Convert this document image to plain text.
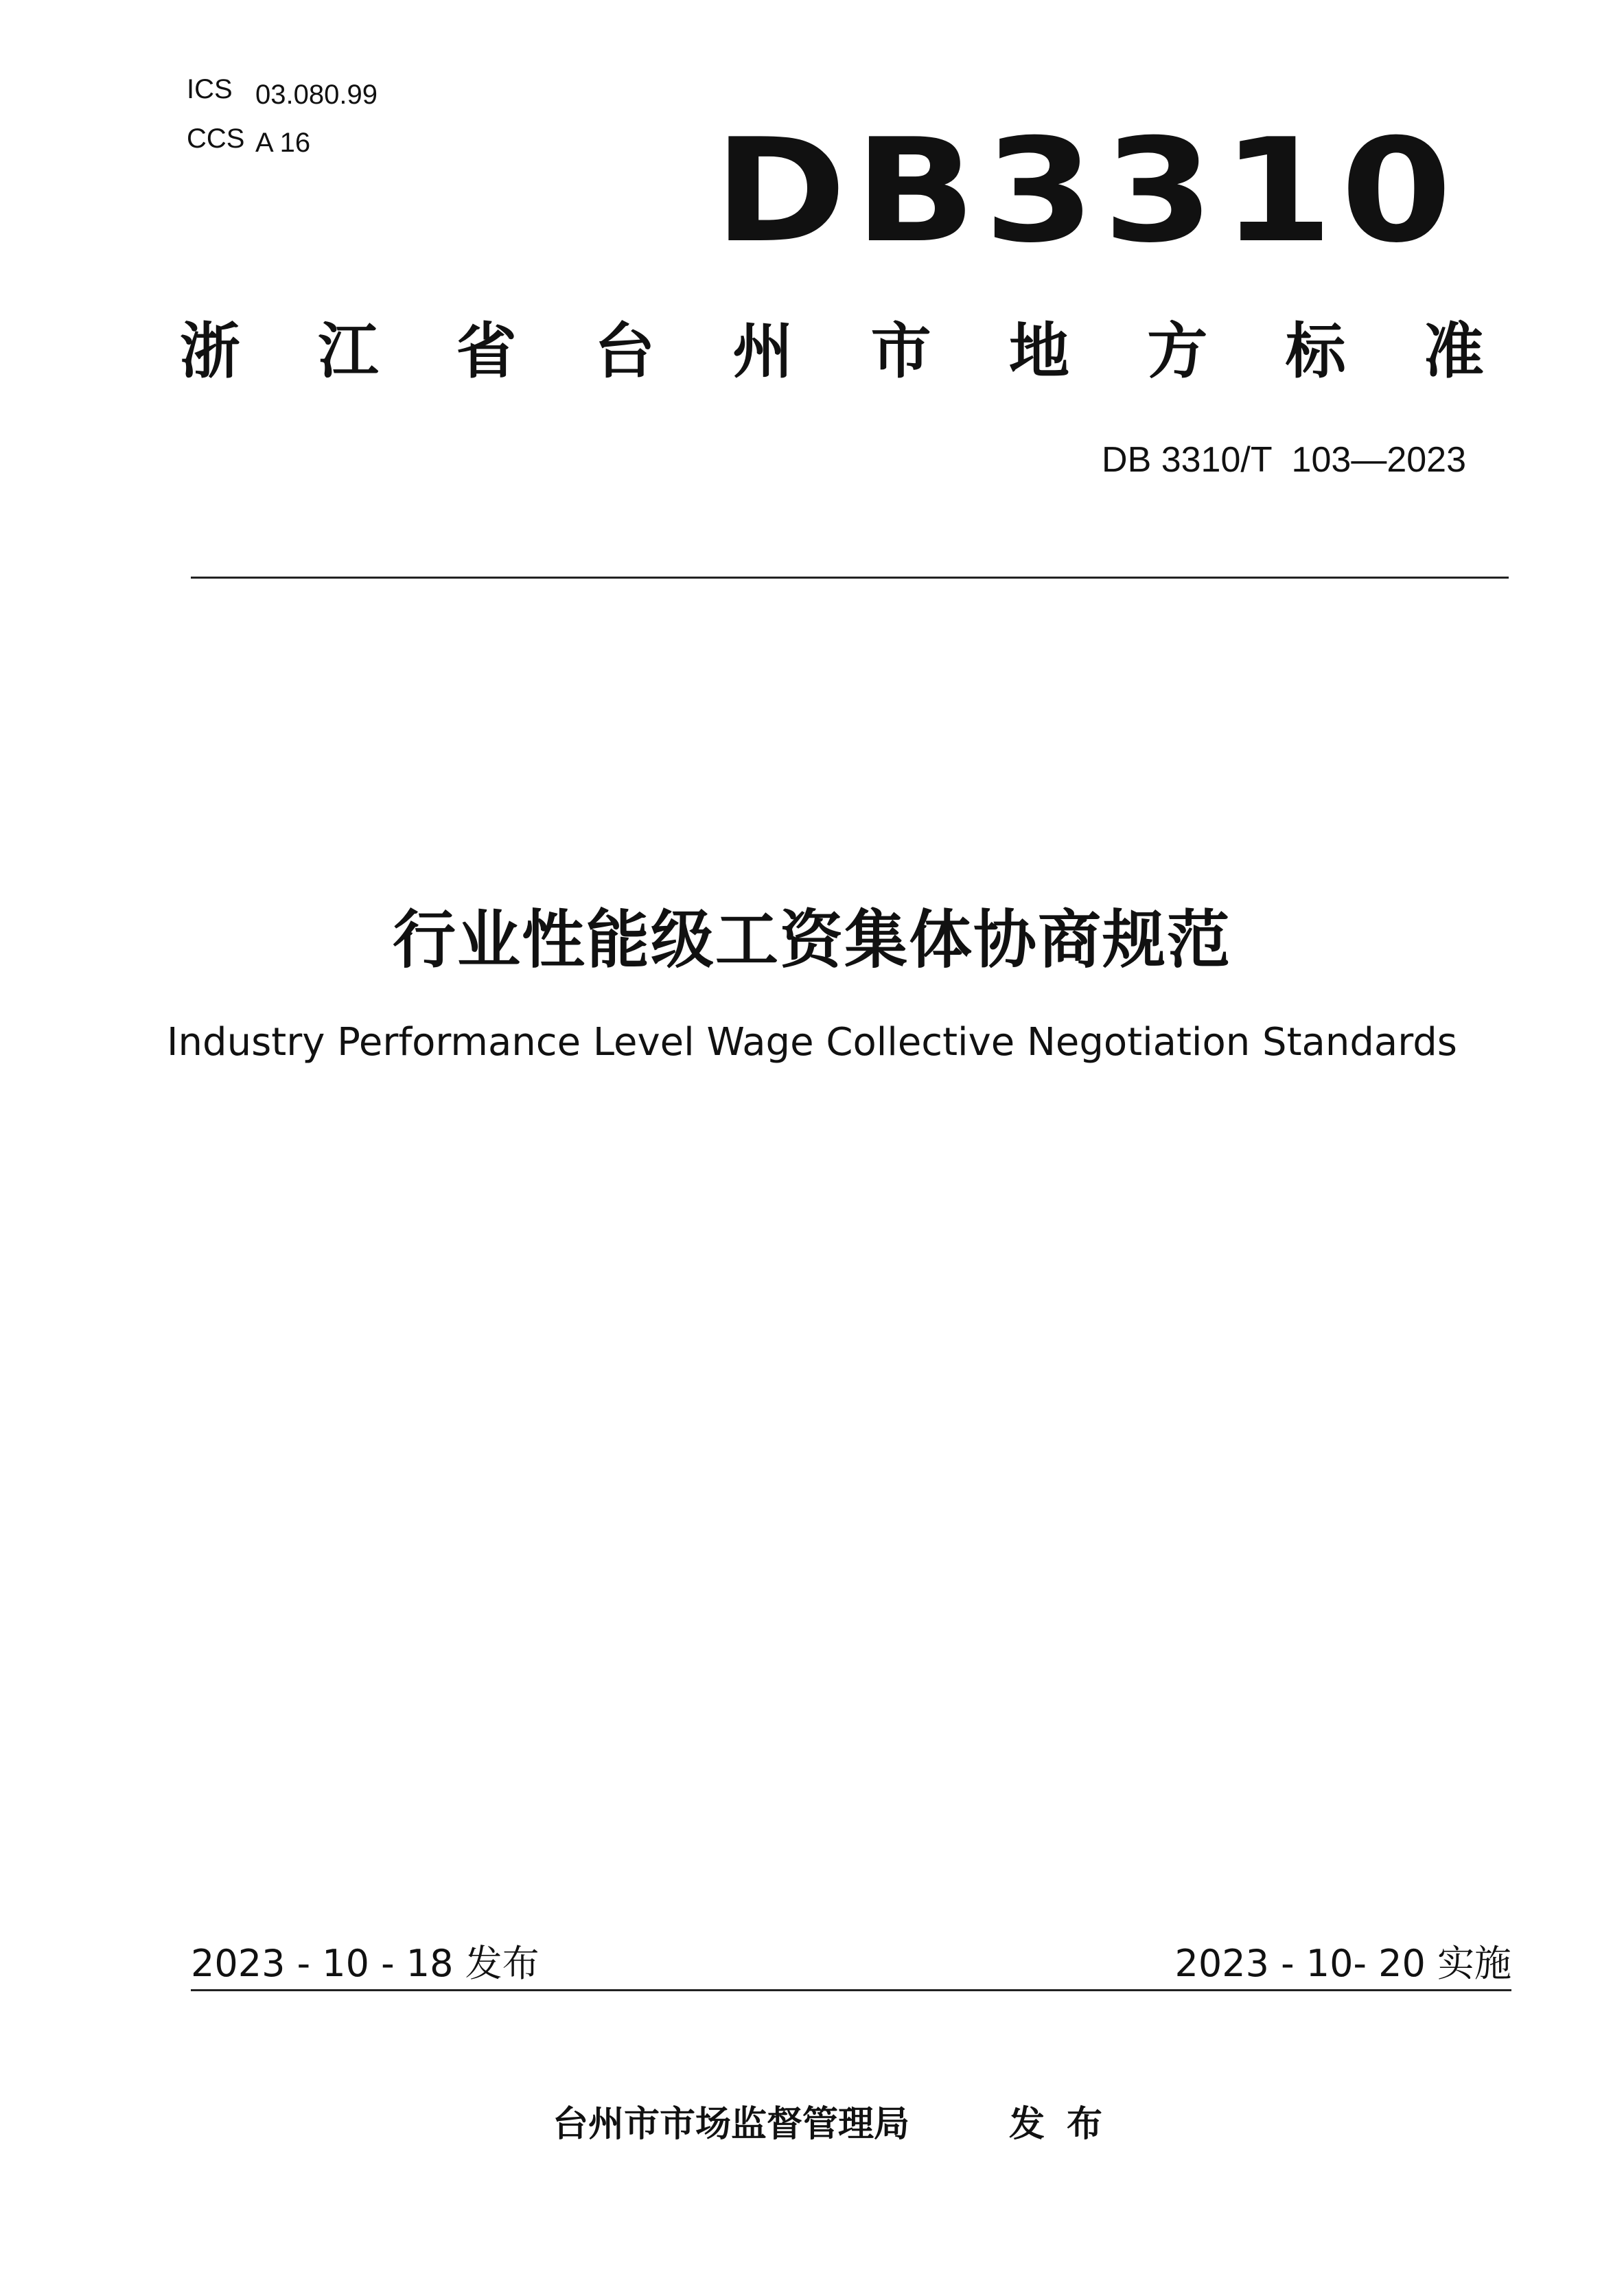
ICS 03.080.99
CCS A 16	DB3310
浙 江 省 台 州 市 地 方 标 准
DB 3310/T  103—2023
行业性能级工资集体协商规范
Industry Performance Level Wage Collective Negotiation Standards
2023 - 10 - 18 发布	2023 - 10- 20 实施
台州市市场监督管理局	发布
